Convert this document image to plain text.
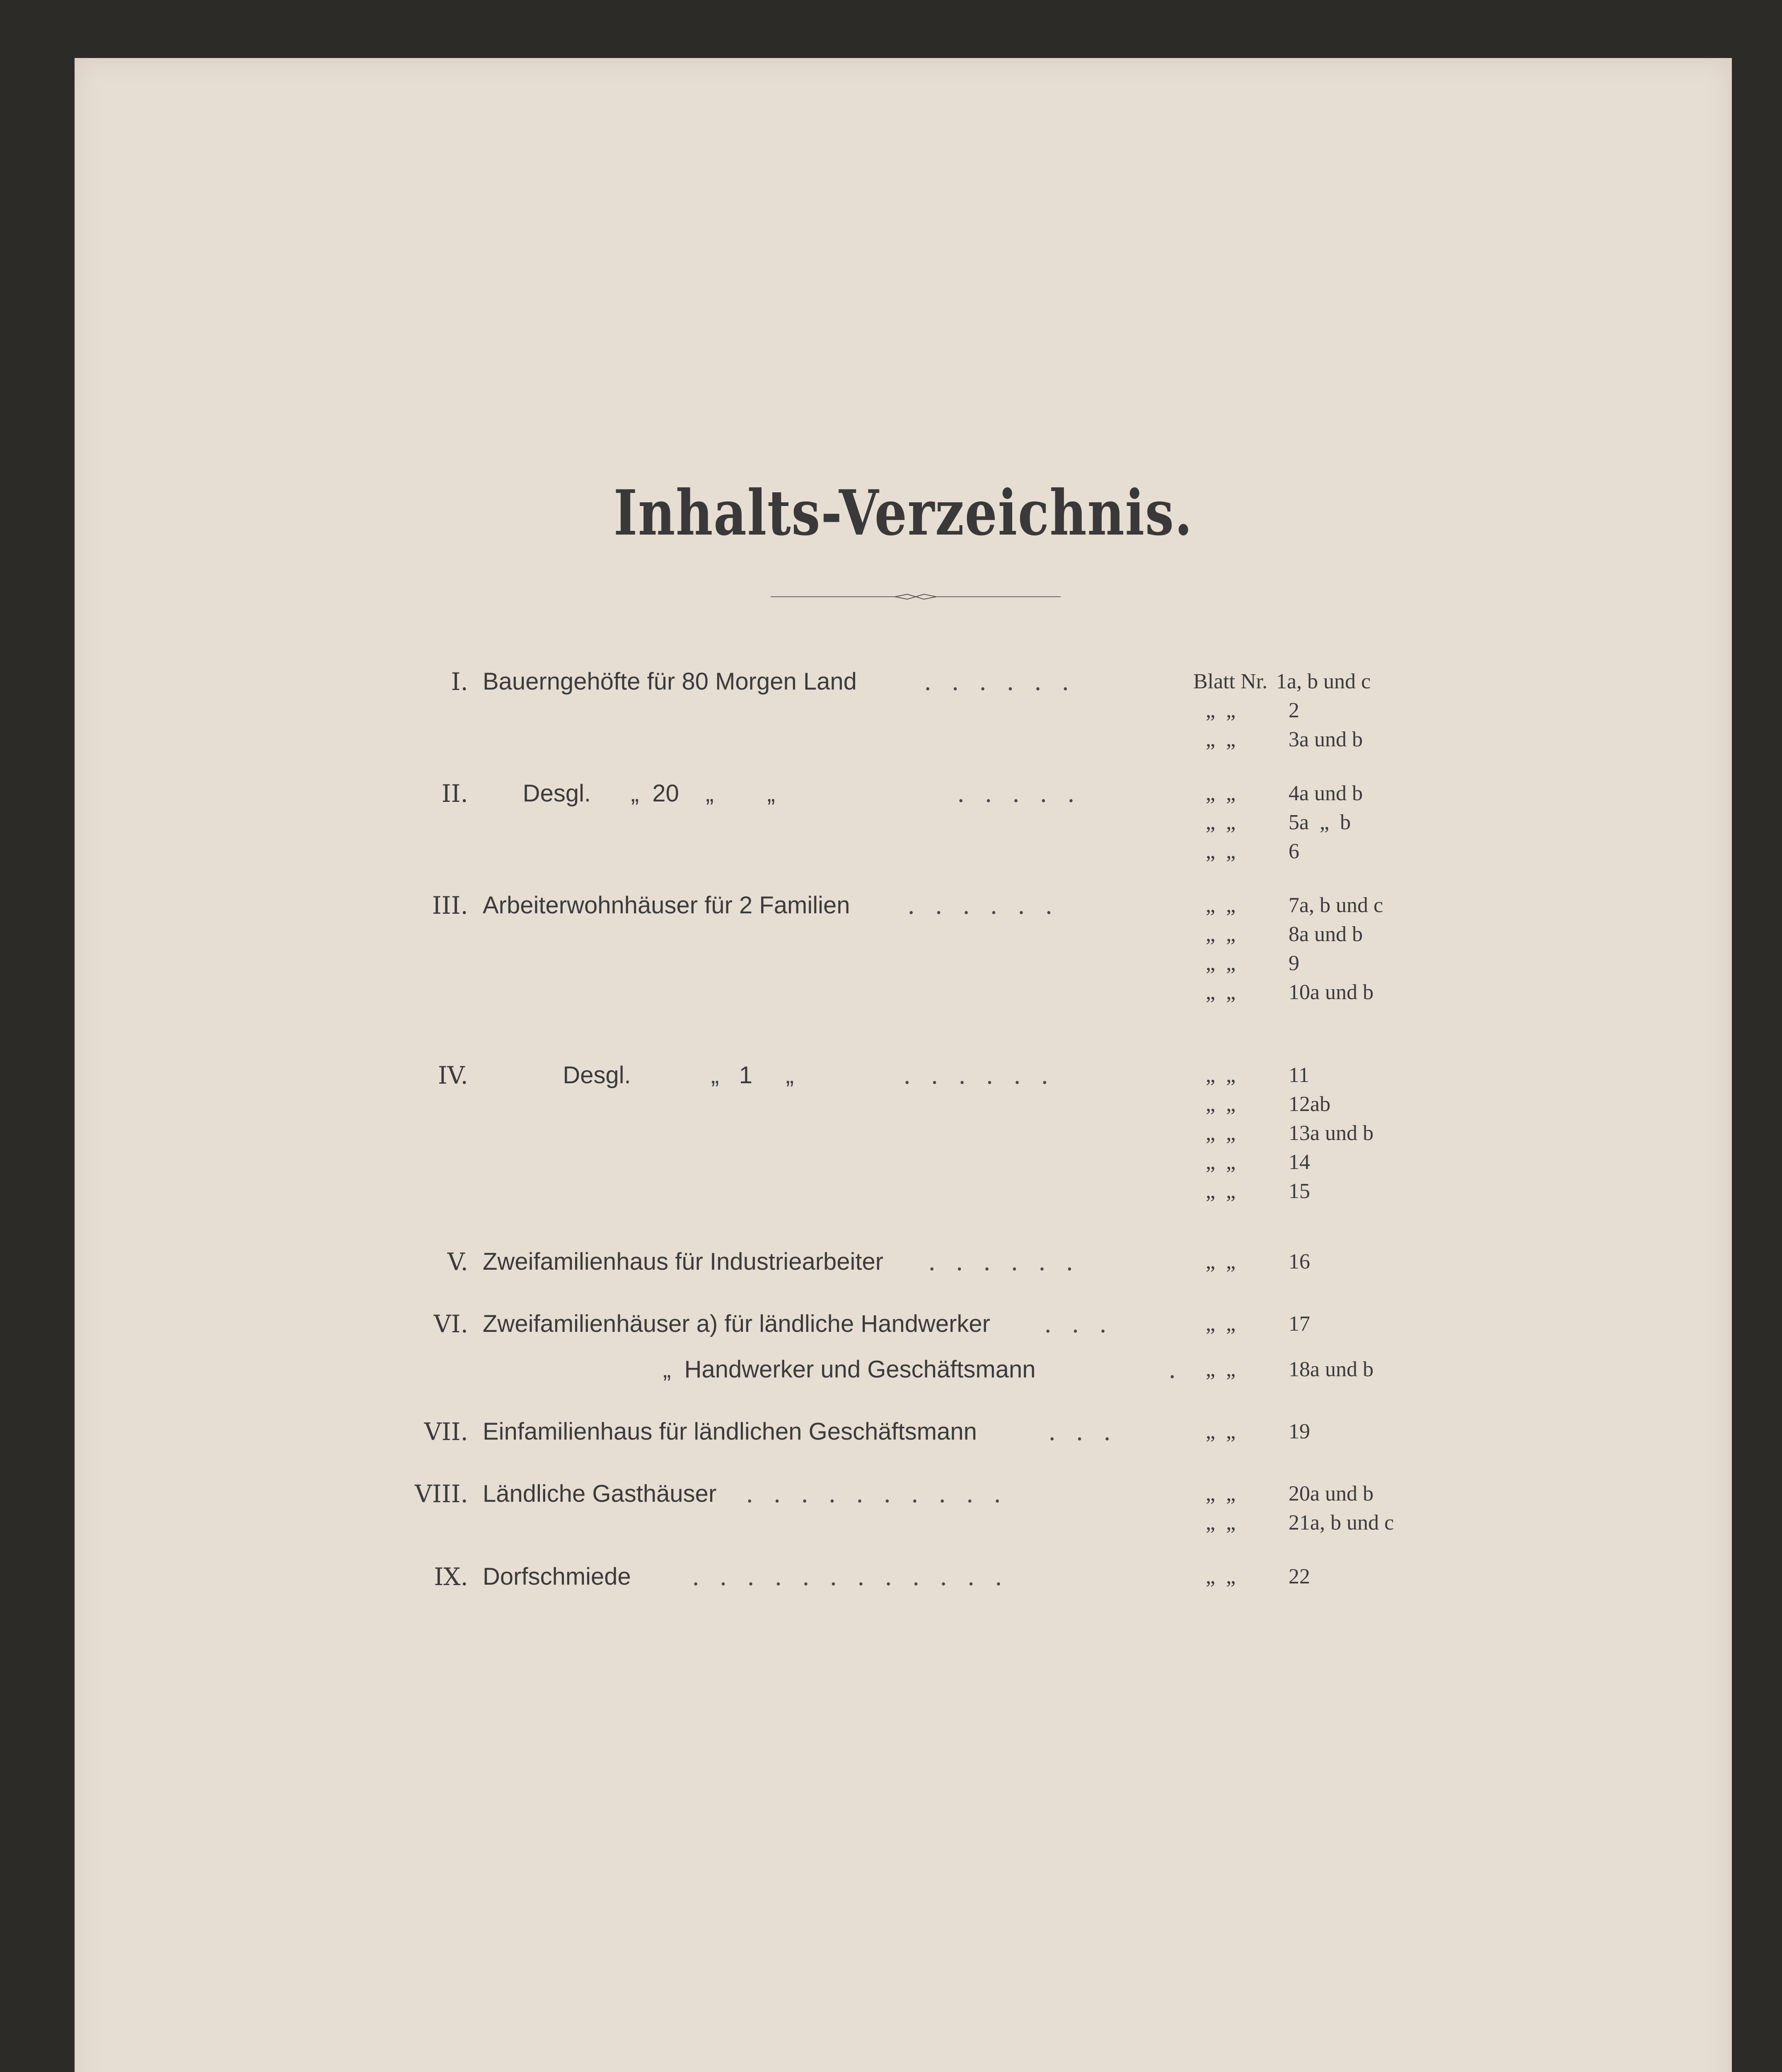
Inhalts-Verzeichnis.
I. Bauerngehöfte für 80 Morgen Land	......	Blatt Nr. 1a, b und c
„  „ 2
„  „ 3a und b
II. Desgl.      „  20    „        „	.....	„  „ 4a und b
„  „ 5a  „  b
„  „ 6
III. Arbeiterwohnhäuser für 2 Familien	......	„  „ 7a, b und c
„  „ 8a und b
„  „ 9
„  „ 10a und b
IV. Desgl.            „   1     „	......	„  „ 11
„  „ 12ab
„  „ 13a und b
„  „ 14
„  „ 15
V. Zweifamilienhaus für Industriearbeiter	......	„  „ 16
VI. Zweifamilienhäuser a) für ländliche Handwerker	...	„  „ 17
„  Handwerker und Geschäftsmann	. „  „ 18a und b
VII. Einfamilienhaus für ländlichen Geschäftsmann	...	„  „ 19
VIII. Ländliche Gasthäuser	..........	„  „ 20a und b
„  „ 21a, b und c
IX. Dorfschmiede	............	„  „ 22
